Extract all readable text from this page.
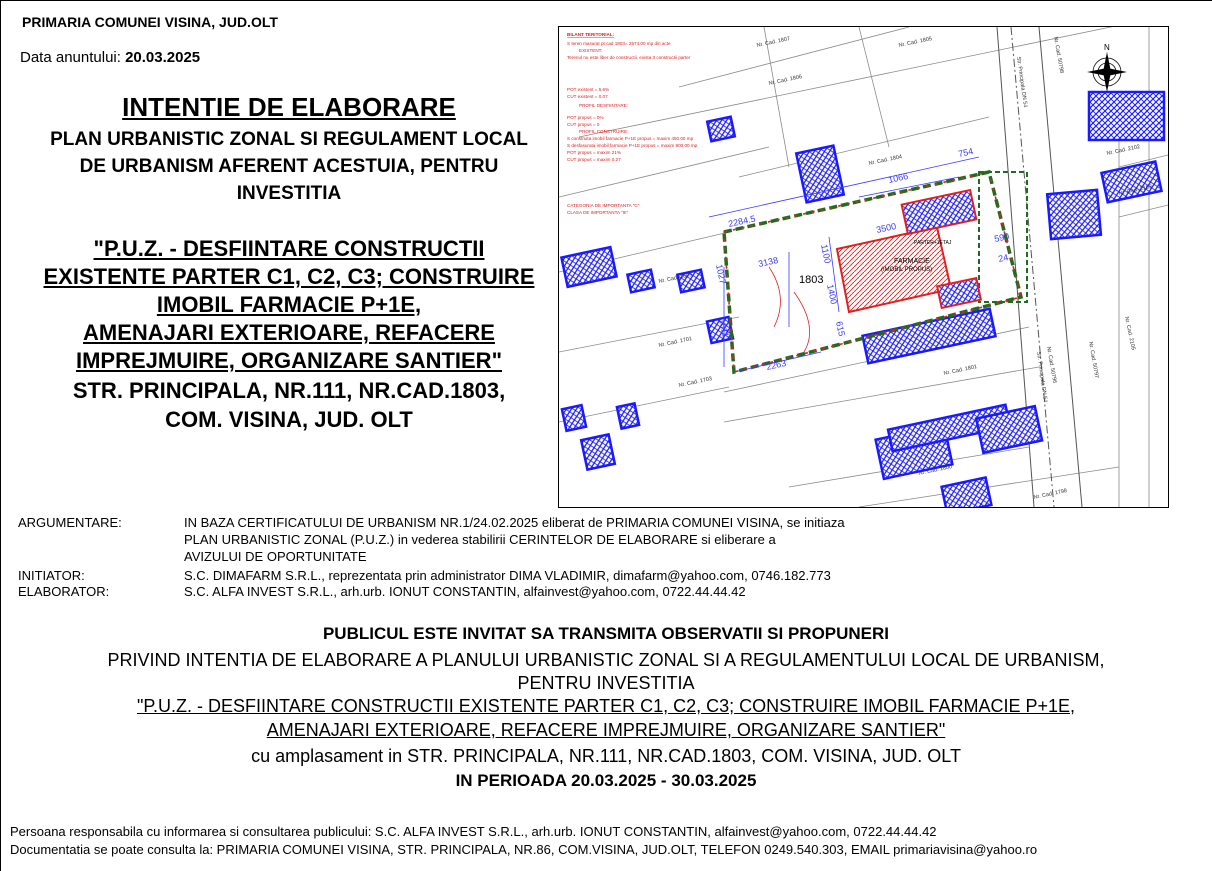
PRIMARIA COMUNEI VISINA, JUD.OLT
Data anuntului: 20.03.2025
INTENTIE DE ELABORARE
PLAN URBANISTIC ZONAL SI REGULAMENT LOCAL
DE URBANISM AFERENT ACESTUIA, PENTRU
INVESTITIA
"P.U.Z. - DESFIINTARE CONSTRUCTII
EXISTENTE PARTER C1, C2, C3; CONSTRUIRE
IMOBIL FARMACIE P+1E,
AMENAJARI EXTERIOARE, REFACERE
IMPREJMUIRE, ORGANIZARE SANTIER"
STR. PRINCIPALA, NR.111, NR.CAD.1803,
COM. VISINA, JUD. OLT
BILANT TERITORIAL:
S teren masurat pt cad 1803= 2574.00 mp din acte
EXISTENT:
Terenul nu este liber de constructii, exista 3 constructii parter
POT existent = 5.6%
CUT existent = 0.07
PROFIL DESFIINTARE:
POT propus = 0%
CUT propus = 0
PROFIL CONSTRUIRE:
S construita imobil farmacie P+1E propus = maxim 450.00 mp
S desfasurata imobil farmacie P+1E propus = maxim 900.00 mp
POT propus = maxim 21%
CUT propus = maxim 0.27
CATEGORIA DE IMPORTANTA "C"
CLASA DE IMPORTANTA "III"
Nr. Cad. 1807	Nr. Cad. 1805
Nr. Cad. 1806
Nr. Cad. 1804
Nr. Cad. 1699
Nr. Cad. 1701
Nr. Cad. 1703
Nr. Cad. 1801
Nr. Cad. 1800
Nr. Cad. 1798
Nr. Cad. 2102
Nr. Cad. 2103
Nr. Cad. 2105
Nr. Cad. 50798
Nr. Cad. 50796	Nr. Cad. 50797
Str. Principala DN 54
Str. Principala DN 54
1066
2284.5	3500
3138	1100
1400
2263
1027
1811	615
754
590
24
1803
FARMACIE
(IMOBIL PROPUS)
PARTER+1ETAJ
N
ARGUMENTARE:	IN BAZA CERTIFICATULUI DE URBANISM NR.1/24.02.2025 eliberat de PRIMARIA COMUNEI VISINA, se initiaza
PLAN URBANISTIC ZONAL (P.U.Z.) in vederea stabilirii CERINTELOR DE ELABORARE si eliberare a
AVIZULUI DE OPORTUNITATE
INITIATOR:	S.C. DIMAFARM S.R.L., reprezentata prin administrator DIMA VLADIMIR, dimafarm@yahoo.com, 0746.182.773
ELABORATOR:	S.C. ALFA INVEST S.R.L., arh.urb. IONUT CONSTANTIN, alfainvest@yahoo.com, 0722.44.44.42
PUBLICUL ESTE INVITAT SA TRANSMITA OBSERVATII SI PROPUNERI
PRIVIND INTENTIA DE ELABORARE A PLANULUI URBANISTIC ZONAL SI A REGULAMENTULUI LOCAL DE URBANISM,
PENTRU INVESTITIA
"P.U.Z. - DESFIINTARE CONSTRUCTII EXISTENTE PARTER C1, C2, C3; CONSTRUIRE IMOBIL FARMACIE P+1E,
AMENAJARI EXTERIOARE, REFACERE IMPREJMUIRE, ORGANIZARE SANTIER"
cu amplasament in STR. PRINCIPALA, NR.111, NR.CAD.1803, COM. VISINA, JUD. OLT
IN PERIOADA 20.03.2025 - 30.03.2025
Persoana responsabila cu informarea si consultarea publicului: S.C. ALFA INVEST S.R.L., arh.urb. IONUT CONSTANTIN, alfainvest@yahoo.com, 0722.44.44.42
Documentatia se poate consulta la: PRIMARIA COMUNEI VISINA, STR. PRINCIPALA, NR.86, COM.VISINA, JUD.OLT, TELEFON 0249.540.303, EMAIL primariavisina@yahoo.ro
